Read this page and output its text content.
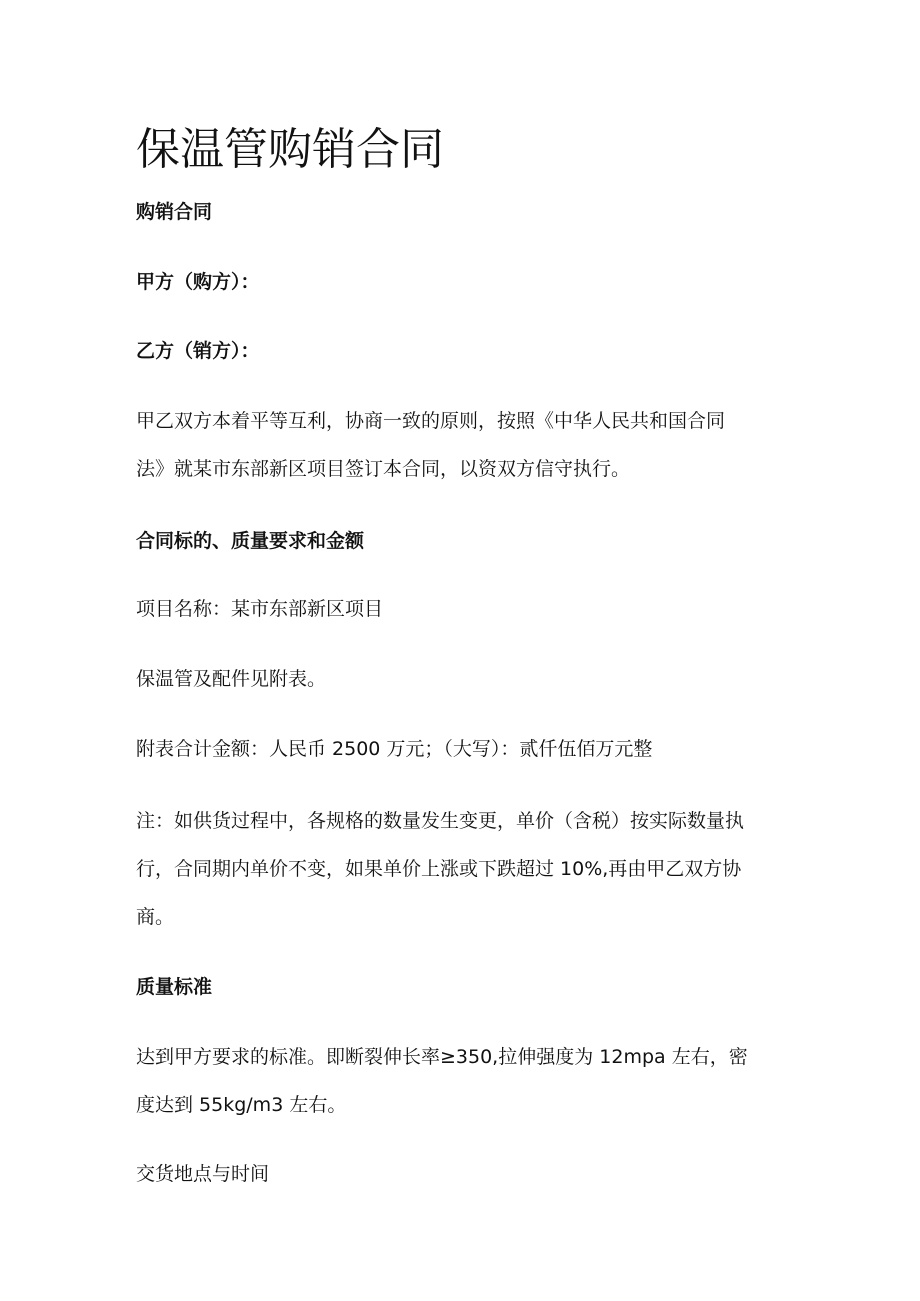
保温管购销合同

购销合同

甲方（购方）：

乙方（销方）：

甲乙双方本着平等互利，协商一致的原则，按照《中华人民共和国合同
法》就某市东部新区项目签订本合同，以资双方信守执行。

合同标的、质量要求和金额

项目名称：某市东部新区项目

保温管及配件见附表。

附表合计金额：人民币 2500 万元；（大写）：贰仟伍佰万元整

注：如供货过程中，各规格的数量发生变更，单价（含税）按实际数量执
行，合同期内单价不变，如果单价上涨或下跌超过 10%,再由甲乙双方协
商。

质量标准

达到甲方要求的标准。即断裂伸长率≥350,拉伸强度为 12mpa 左右，密
度达到 55kg/m3 左右。

交货地点与时间
